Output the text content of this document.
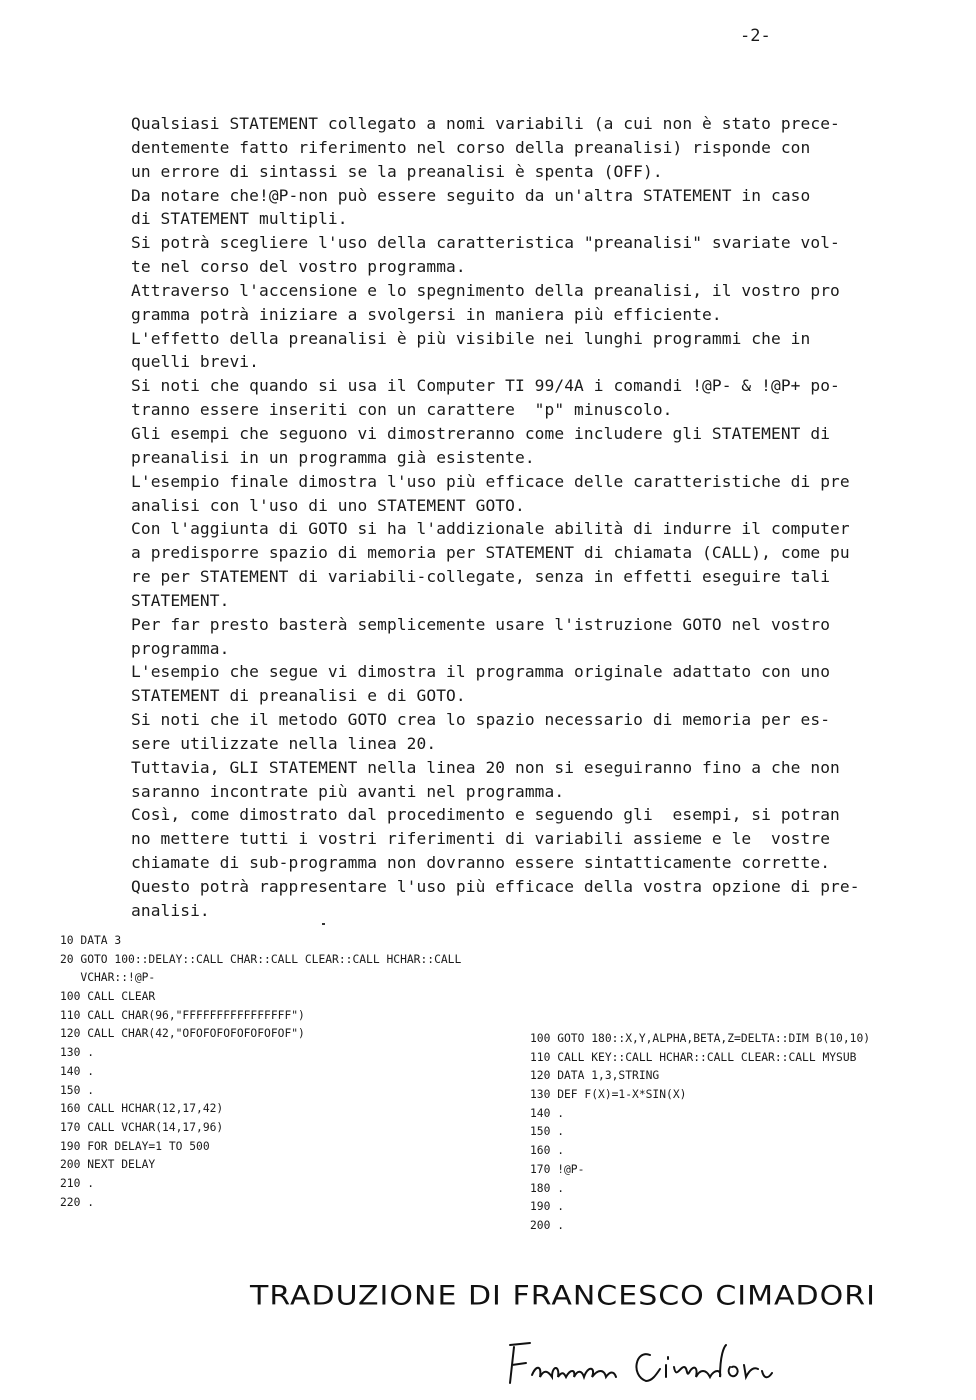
-2-
Qualsiasi STATEMENT collegato a nomi variabili (a cui non è stato prece-
dentemente fatto riferimento nel corso della preanalisi) risponde con
un errore di sintassi se la preanalisi è spenta (OFF).
Da notare che!@P-non può essere seguito da un'altra STATEMENT in caso
di STATEMENT multipli.
Si potrà scegliere l'uso della caratteristica "preanalisi" svariate vol-
te nel corso del vostro programma.
Attraverso l'accensione e lo spegnimento della preanalisi, il vostro pro
gramma potrà iniziare a svolgersi in maniera più efficiente.
L'effetto della preanalisi è più visibile nei lunghi programmi che in
quelli brevi.
Si noti che quando si usa il Computer TI 99/4A i comandi !@P- & !@P+ po-
tranno essere inseriti con un carattere  "p" minuscolo.
Gli esempi che seguono vi dimostreranno come includere gli STATEMENT di
preanalisi in un programma già esistente.
L'esempio finale dimostra l'uso più efficace delle caratteristiche di pre
analisi con l'uso di uno STATEMENT GOTO.
Con l'aggiunta di GOTO si ha l'addizionale abilità di indurre il computer
a predisporre spazio di memoria per STATEMENT di chiamata (CALL), come pu
re per STATEMENT di variabili-collegate, senza in effetti eseguire tali
STATEMENT.
Per far presto basterà semplicemente usare l'istruzione GOTO nel vostro
programma.
L'esempio che segue vi dimostra il programma originale adattato con uno
STATEMENT di preanalisi e di GOTO.
Si noti che il metodo GOTO crea lo spazio necessario di memoria per es-
sere utilizzate nella linea 20.
Tuttavia, GLI STATEMENT nella linea 20 non si eseguiranno fino a che non
saranno incontrate più avanti nel programma.
Così, come dimostrato dal procedimento e seguendo gli  esempi, si potran
no mettere tutti i vostri riferimenti di variabili assieme e le  vostre
chiamate di sub-programma non dovranno essere sintatticamente corrette.
Questo potrà rappresentare l'uso più efficace della vostra opzione di pre-
analisi.
10 DATA 3
20 GOTO 100::DELAY::CALL CHAR::CALL CLEAR::CALL HCHAR::CALL
VCHAR::!@P-
100 CALL CLEAR
110 CALL CHAR(96,"FFFFFFFFFFFFFFFF")
120 CALL CHAR(42,"OFOFOFOFOFOFOFOF")
130 .
140 .
150 .
160 CALL HCHAR(12,17,42)
170 CALL VCHAR(14,17,96)
190 FOR DELAY=1 TO 500
200 NEXT DELAY
210 .
220 .
100 GOTO 180::X,Y,ALPHA,BETA,Z=DELTA::DIM B(10,10)
110 CALL KEY::CALL HCHAR::CALL CLEAR::CALL MYSUB
120 DATA 1,3,STRING
130 DEF F(X)=1-X*SIN(X)
140 .
150 .
160 .
170 !@P-
180 .
190 .
200 .
TRADUZIONE DI FRANCESCO CIMADORI
